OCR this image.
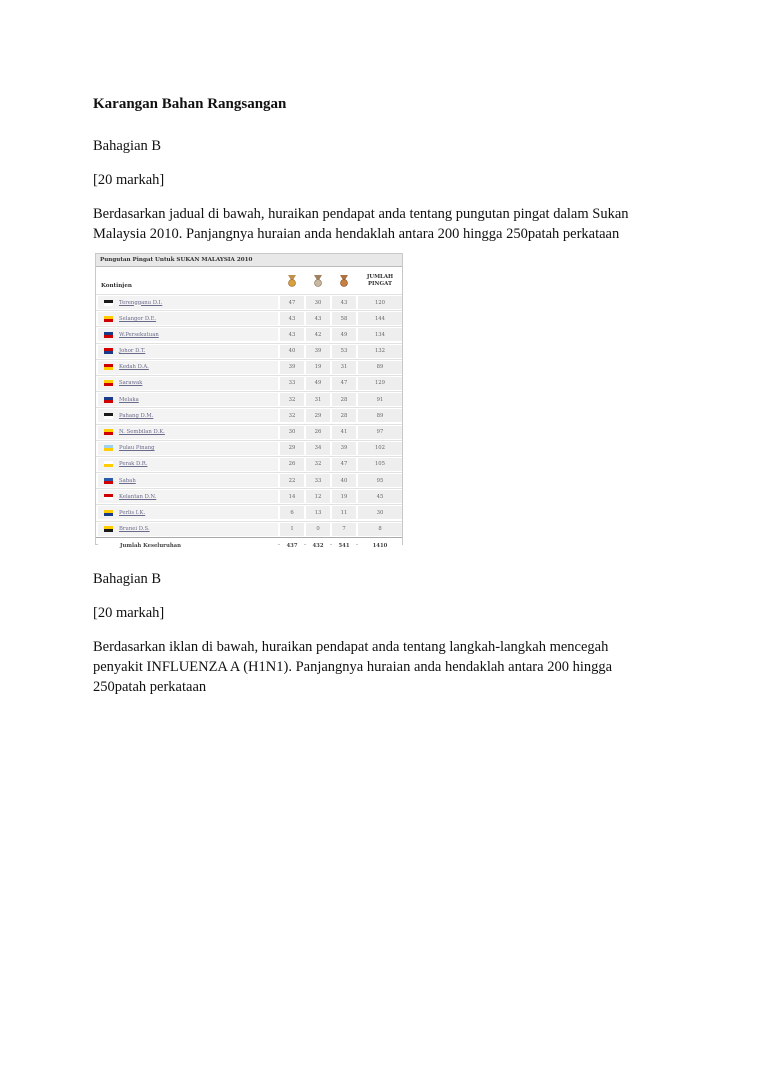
Karangan Bahan Rangsangan
Bahagian B
[20 markah]
Berdasarkan jadual di bawah, huraikan pendapat anda tentang pungutan pingat dalam Sukan
Malaysia 2010. Panjangnya huraian anda hendaklah antara 200 hingga 250patah perkataan
Pungutan Pingat Untuk SUKAN MALAYSIA 2010
Kontinjen
JUMLAH
PINGAT
Terengganu D.I.	47	30	43	120
Selangor D.E.	43	43	58	144
W.Persekutuan	43	42	49	134
Johor D.T.	40	39	53	132
Kedah D.A.	39	19	31	89
Sarawak	33	49	47	129
Melaka	32	31	28	91
Pahang D.M.	32	29	28	89
N. Sembilan D.K.	30	26	41	97
Pulau Pinang	29	34	39	102
Perak D.R.	26	32	47	105
Sabah	22	33	40	95
Kelantan D.N.	14	12	19	45
Perlis I.K.	6	13	11	30
Brunei D.S.	1	0	7	8
Jumlah Keseluruhan	437	432	541	1410
Bahagian B
[20 markah]
Berdasarkan iklan di bawah, huraikan pendapat anda tentang langkah-langkah mencegah
penyakit INFLUENZA A (H1N1). Panjangnya huraian anda hendaklah antara 200 hingga
250patah perkataan
